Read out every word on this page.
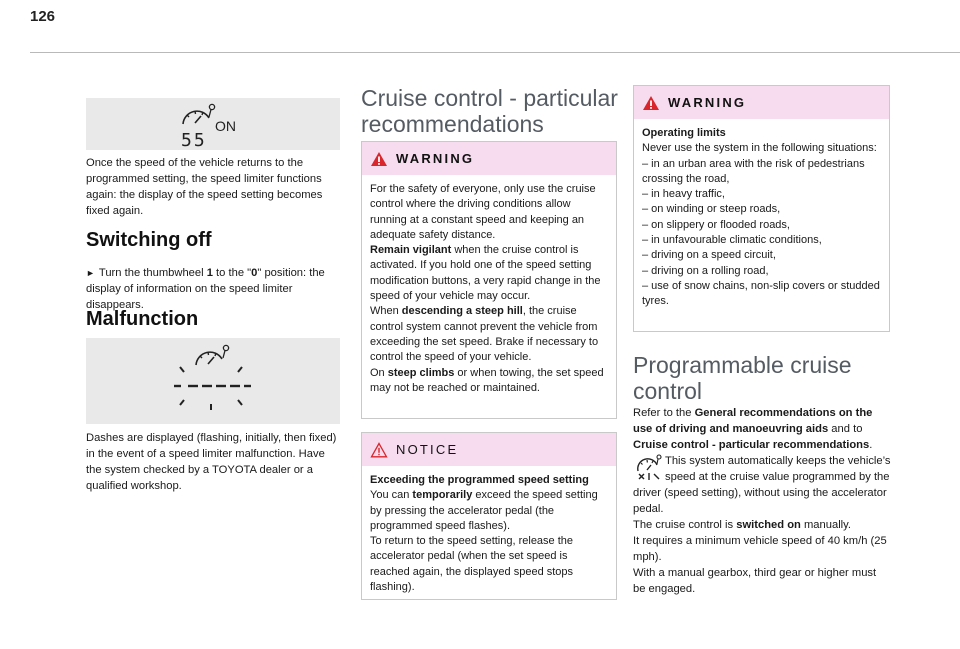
126
ON
55

Once the speed of the vehicle returns to the programmed setting, the speed limiter functions again: the display of the speed setting becomes fixed again.

Switching off

► Turn the thumbwheel 1 to the "0" position: the display of information on the speed limiter disappears.

Malfunction

Dashes are displayed (flashing, initially, then fixed) in the event of a speed limiter malfunction. Have the system checked by a TOYOTA dealer or a qualified workshop.

Cruise control - particular recommendations
WARNING

For the safety of everyone, only use the cruise control where the driving conditions allow running at a constant speed and keeping an adequate safety distance.

Remain vigilant when the cruise control is activated. If you hold one of the speed setting modification buttons, a very rapid change in the speed of your vehicle may occur.

When descending a steep hill, the cruise control system cannot prevent the vehicle from exceeding the set speed. Brake if necessary to control the speed of your vehicle.

On steep climbs or when towing, the set speed may not be reached or maintained.

NOTICE

Exceeding the programmed speed setting

You can temporarily exceed the speed setting by pressing the accelerator pedal (the programmed speed flashes).

To return to the speed setting, release the accelerator pedal (when the set speed is reached again, the displayed speed stops flashing).

WARNING

Operating limits

Never use the system in the following situations:

– in an urban area with the risk of pedestrians crossing the road,

– in heavy traffic,

– on winding or steep roads,

– on slippery or flooded roads,

– in unfavourable climatic conditions,

– driving on a speed circuit,

– driving on a rolling road,

– use of snow chains, non-slip covers or studded tyres.

Programmable cruise control

Refer to the General recommendations on the use of driving and manoeuvring aids and to Cruise control - particular recommendations.

This system automatically keeps the vehicle’s speed at the cruise value programmed by the driver (speed setting), without using the accelerator pedal.

The cruise control is switched on manually.

It requires a minimum vehicle speed of 40 km/h (25 mph).

With a manual gearbox, third gear or higher must be engaged.
